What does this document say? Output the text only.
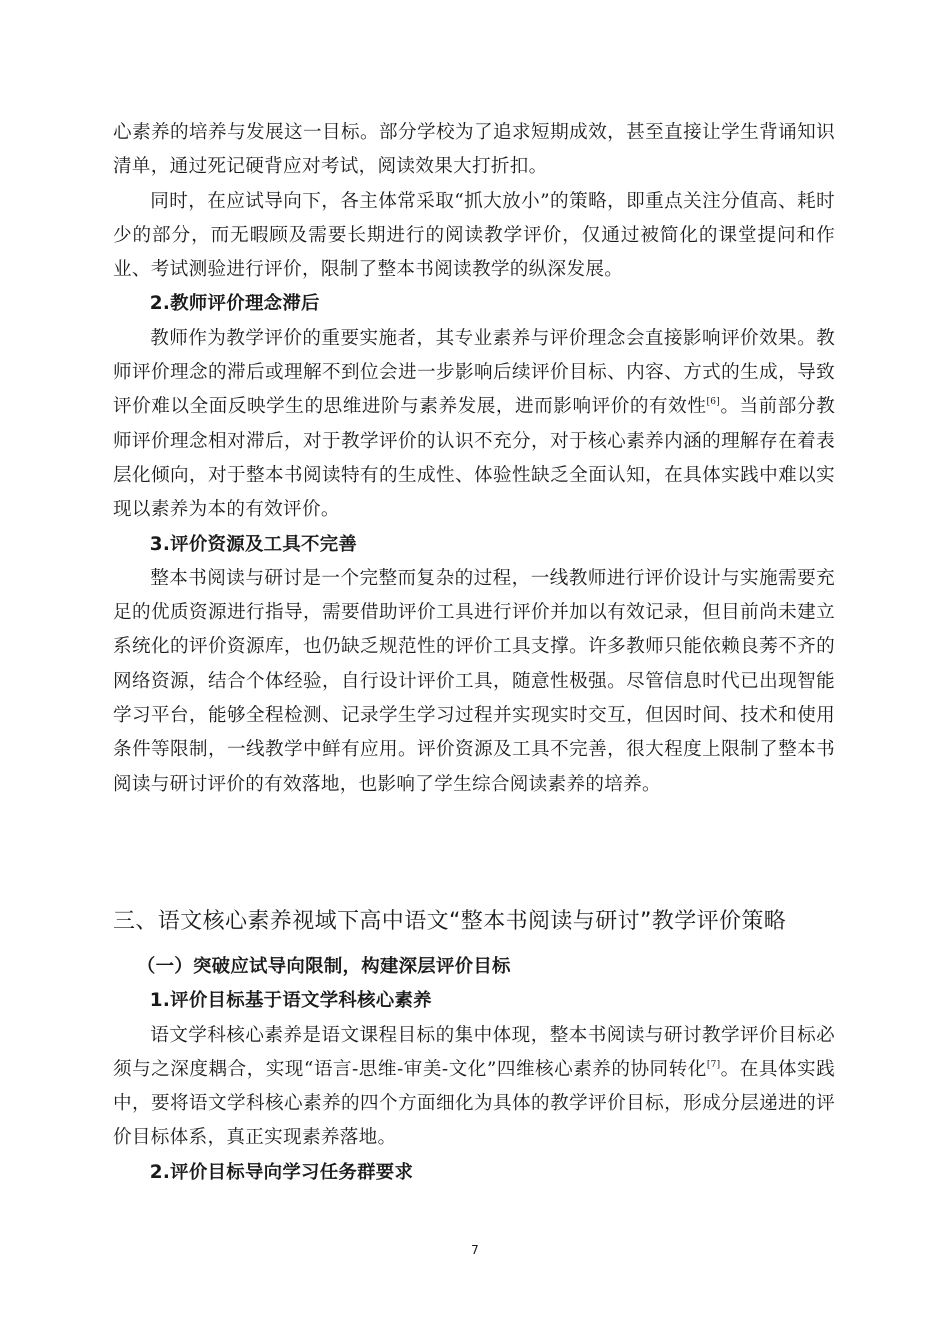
心素养的培养与发展这一目标。部分学校为了追求短期成效，甚至直接让学生背诵知识清单，通过死记硬背应对考试，阅读效果大打折扣。

同时，在应试导向下，各主体常采取“抓大放小”的策略，即重点关注分值高、耗时少的部分，而无暇顾及需要长期进行的阅读教学评价，仅通过被简化的课堂提问和作业、考试测验进行评价，限制了整本书阅读教学的纵深发展。

2.教师评价理念滞后

教师作为教学评价的重要实施者，其专业素养与评价理念会直接影响评价效果。教师评价理念的滞后或理解不到位会进一步影响后续评价目标、内容、方式的生成，导致评价难以全面反映学生的思维进阶与素养发展，进而影响评价的有效性[6]。当前部分教师评价理念相对滞后，对于教学评价的认识不充分，对于核心素养内涵的理解存在着表层化倾向，对于整本书阅读特有的生成性、体验性缺乏全面认知，在具体实践中难以实现以素养为本的有效评价。

3.评价资源及工具不完善

整本书阅读与研讨是一个完整而复杂的过程，一线教师进行评价设计与实施需要充足的优质资源进行指导，需要借助评价工具进行评价并加以有效记录，但目前尚未建立系统化的评价资源库，也仍缺乏规范性的评价工具支撑。许多教师只能依赖良莠不齐的网络资源，结合个体经验，自行设计评价工具，随意性极强。尽管信息时代已出现智能学习平台，能够全程检测、记录学生学习过程并实现实时交互，但因时间、技术和使用条件等限制，一线教学中鲜有应用。评价资源及工具不完善，很大程度上限制了整本书阅读与研讨评价的有效落地，也影响了学生综合阅读素养的培养。

三、语文核心素养视域下高中语文“整本书阅读与研讨”教学评价策略

（一）突破应试导向限制，构建深层评价目标

1.评价目标基于语文学科核心素养

语文学科核心素养是语文课程目标的集中体现，整本书阅读与研讨教学评价目标必须与之深度耦合，实现“语言-思维-审美-文化”四维核心素养的协同转化[7]。在具体实践中，要将语文学科核心素养的四个方面细化为具体的教学评价目标，形成分层递进的评价目标体系，真正实现素养落地。

2.评价目标导向学习任务群要求

7
